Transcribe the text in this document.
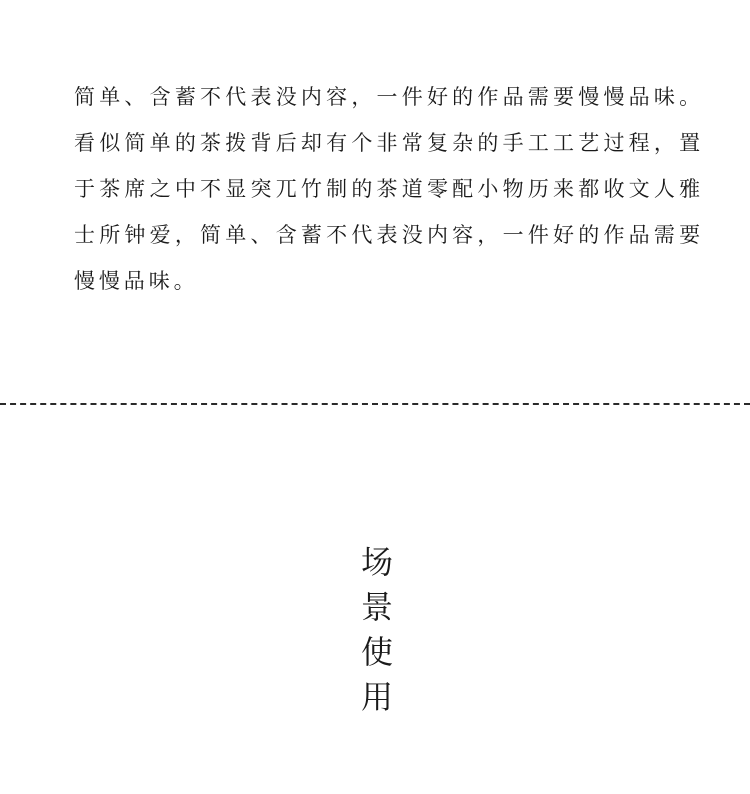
简单、含蓄不代表没内容，一件好的作品需要慢慢品味。看似简单的茶拨背后却有个非常复杂的手工工艺过程，置于茶席之中不显突兀竹制的茶道零配小物历来都收文人雅士所钟爱，简单、含蓄不代表没内容，一件好的作品需要慢慢品味。

场景使用
